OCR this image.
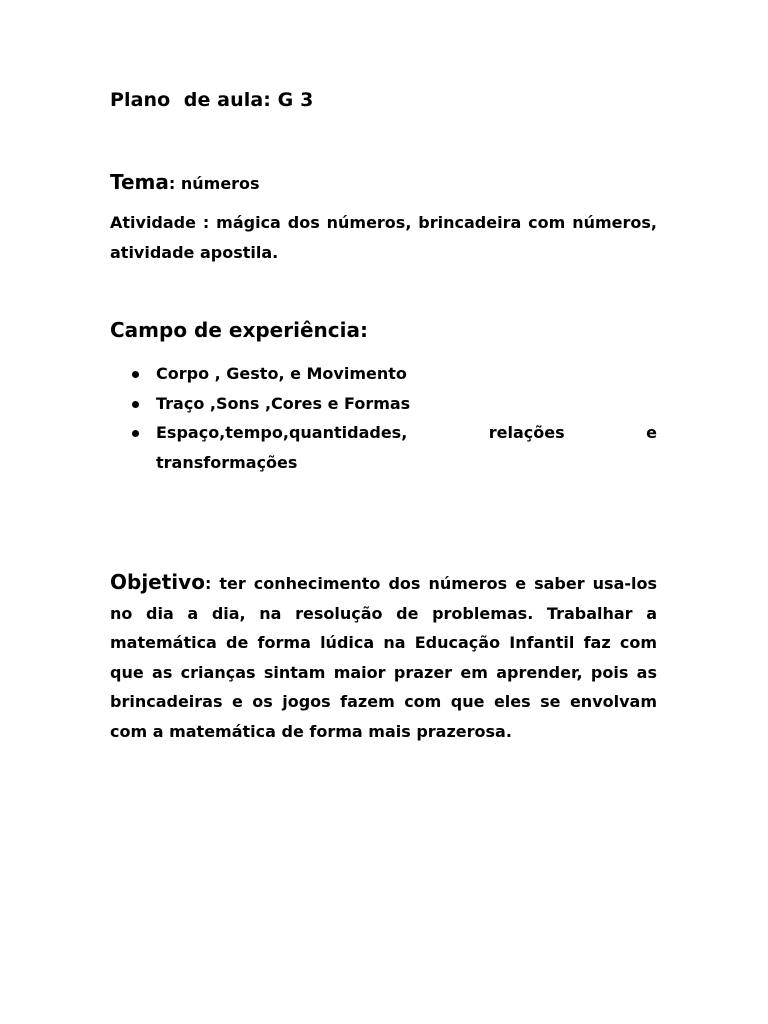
Plano  de aula: G 3
Tema: números
Atividade : mágica dos números, brincadeira com números, atividade apostila.
Campo de experiência:
Corpo , Gesto, e Movimento
Traço ,Sons ,Cores e Formas
Espaço,tempo,quantidades,	relações	e
transformações
Objetivo: ter conhecimento dos números e saber usa-los no dia a dia, na resolução de problemas. Trabalhar a matemática de forma lúdica na Educação Infantil faz com que as crianças sintam maior prazer em aprender, pois as brincadeiras e os jogos fazem com que eles se envolvam com a matemática de forma mais prazerosa.
